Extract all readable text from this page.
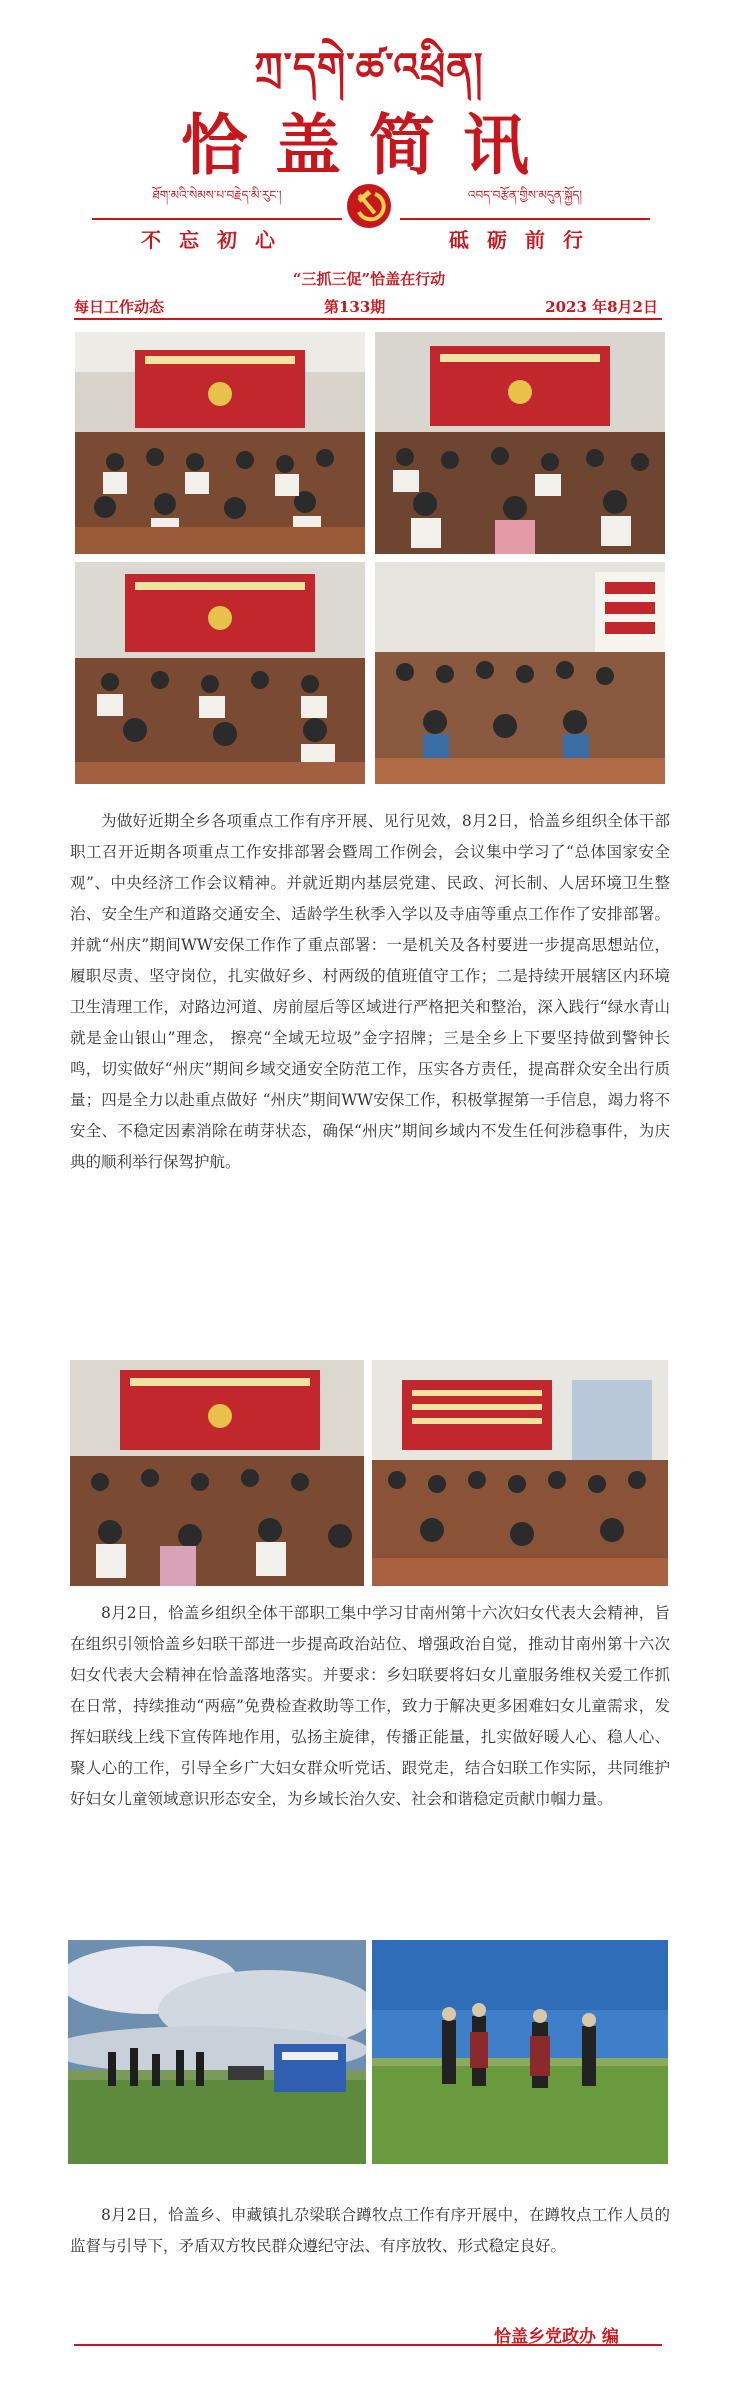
ཀྲ་དགེ་ཚ་འཕྲིན།
恰盖简讯
ཐོག་མའི་སེམས་པ་བརྗེད་མི་རུང་།
不忘初心
འབད་བརྩོན་གྱིས་མདུན་སྐྱོད།
砥砺前行
“三抓三促”恰盖在行动
每日工作动态	第133期	2023 年8月2日

为做好近期全乡各项重点工作有序开展、见行见效，8月2日，恰盖乡组织全体干部职工召开近期各项重点工作安排部署会暨周工作例会，会议集中学习了“总体国家安全观”、中央经济工作会议精神。并就近期内基层党建、民政、河长制、人居环境卫生整治、安全生产和道路交通安全、适龄学生秋季入学以及寺庙等重点工作作了安排部署。并就“州庆”期间WW安保工作作了重点部署：一是机关及各村要进一步提高思想站位，履职尽责、坚守岗位，扎实做好乡、村两级的值班值守工作；二是持续开展辖区内环境卫生清理工作，对路边河道、房前屋后等区域进行严格把关和整治，深入践行“绿水青山就是金山银山”理念， 擦亮“全域无垃圾”金字招牌；三是全乡上下要坚持做到警钟长鸣，切实做好“州庆”期间乡域交通安全防范工作，压实各方责任，提高群众安全出行质量；四是全力以赴重点做好 “州庆”期间WW安保工作，积极掌握第一手信息，竭力将不安全、不稳定因素消除在萌芽状态，确保“州庆”期间乡域内不发生任何涉稳事件，为庆典的顺利举行保驾护航。

8月2日，恰盖乡组织全体干部职工集中学习甘南州第十六次妇女代表大会精神，旨在组织引领恰盖乡妇联干部进一步提高政治站位、增强政治自觉，推动甘南州第十六次妇女代表大会精神在恰盖落地落实。并要求：乡妇联要将妇女儿童服务维权关爱工作抓在日常，持续推动“两癌”免费检查救助等工作，致力于解决更多困难妇女儿童需求，发挥妇联线上线下宣传阵地作用，弘扬主旋律，传播正能量，扎实做好暖人心、稳人心、聚人心的工作，引导全乡广大妇女群众听党话、跟党走，结合妇联工作实际，共同维护好妇女儿童领域意识形态安全，为乡域长治久安、社会和谐稳定贡献巾帼力量。

8月2日，恰盖乡、申藏镇扎尕梁联合蹲牧点工作有序开展中，在蹲牧点工作人员的监督与引导下，矛盾双方牧民群众遵纪守法、有序放牧、形式稳定良好。

恰盖乡党政办 编
